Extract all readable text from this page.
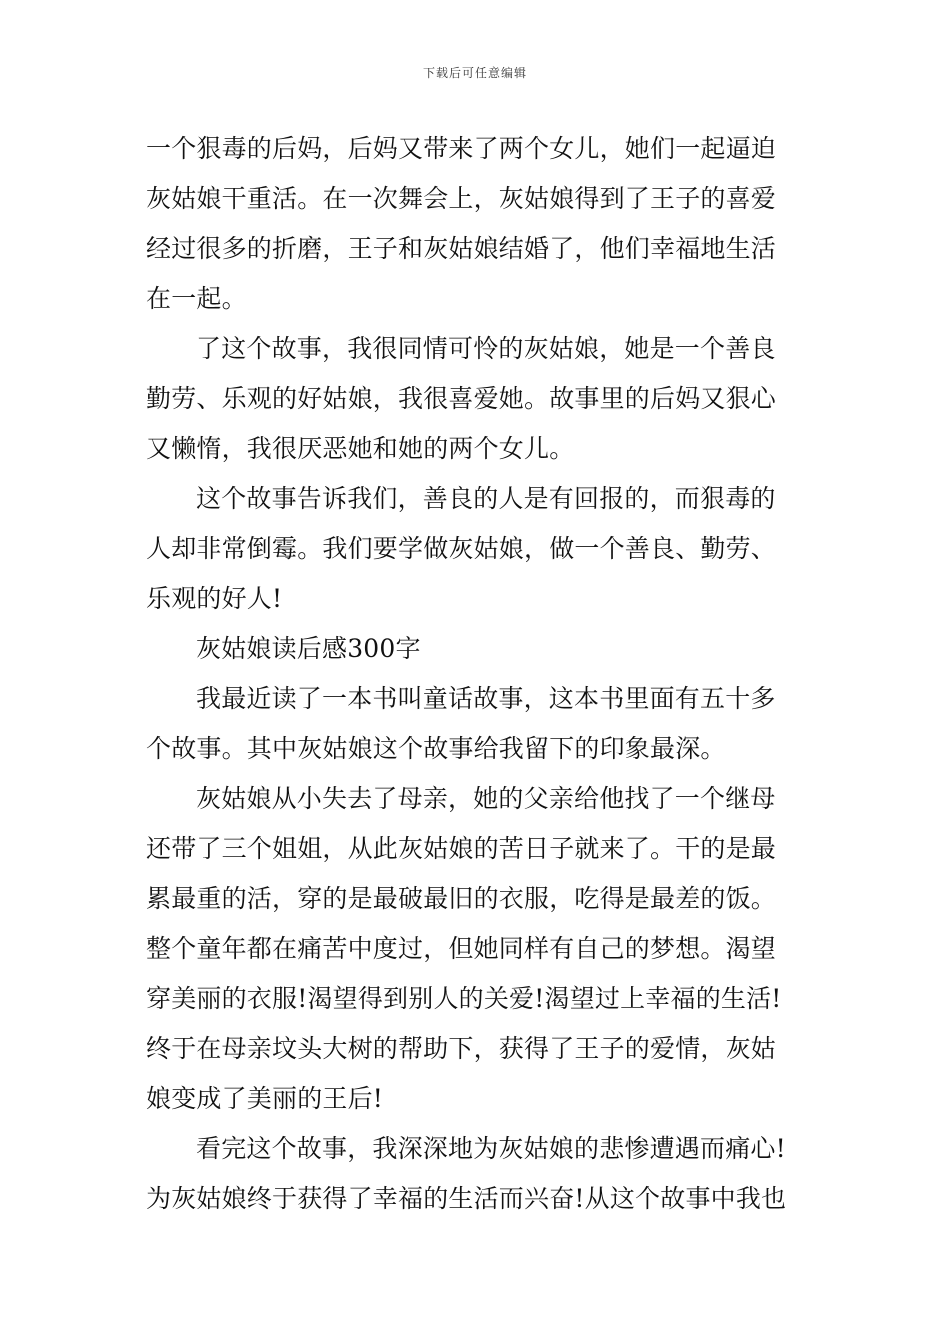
下载后可任意编辑
一个狠毒的后妈，后妈又带来了两个女儿，她们一起逼迫
灰姑娘干重活。在一次舞会上，灰姑娘得到了王子的喜爱
经过很多的折磨，王子和灰姑娘结婚了，他们幸福地生活
在一起。
了这个故事，我很同情可怜的灰姑娘，她是一个善良
勤劳、乐观的好姑娘，我很喜爱她。故事里的后妈又狠心
又懒惰，我很厌恶她和她的两个女儿。
这个故事告诉我们，善良的人是有回报的，而狠毒的
人却非常倒霉。我们要学做灰姑娘，做一个善良、勤劳、
乐观的好人!
灰姑娘读后感300字
我最近读了一本书叫童话故事，这本书里面有五十多
个故事。其中灰姑娘这个故事给我留下的印象最深。
灰姑娘从小失去了母亲，她的父亲给他找了一个继母
还带了三个姐姐，从此灰姑娘的苦日子就来了。干的是最
累最重的活，穿的是最破最旧的衣服，吃得是最差的饭。
整个童年都在痛苦中度过，但她同样有自己的梦想。渴望
穿美丽的衣服!渴望得到别人的关爱!渴望过上幸福的生活!
终于在母亲坟头大树的帮助下，获得了王子的爱情，灰姑
娘变成了美丽的王后!
看完这个故事，我深深地为灰姑娘的悲惨遭遇而痛心!
为灰姑娘终于获得了幸福的生活而兴奋!从这个故事中我也
